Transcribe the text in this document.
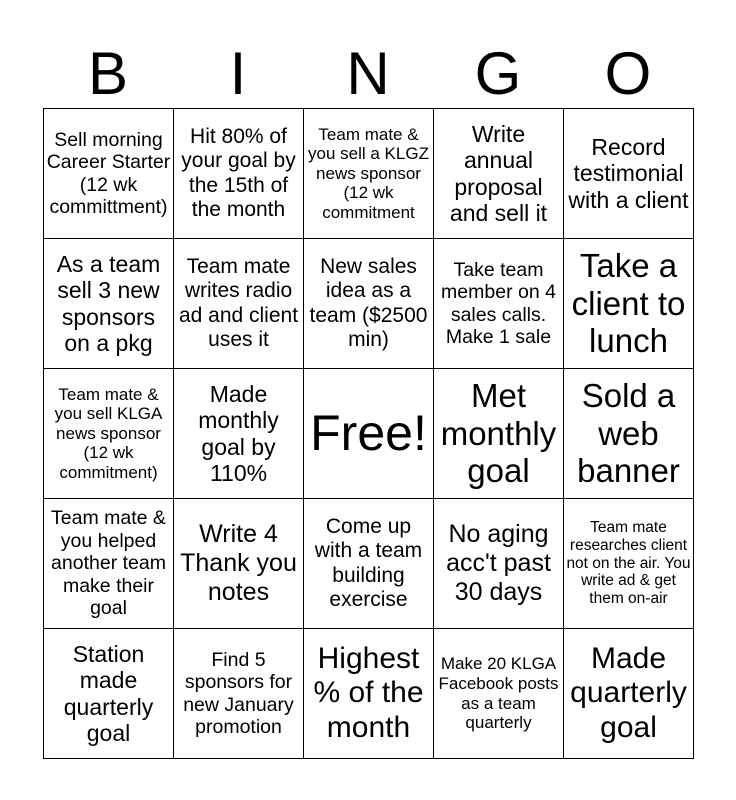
B	I	N	G	O
Sell morning Career Starter (12 wk committment)	Hit 80% of your goal by the 15th of the month	Team mate & you sell a KLGZ news sponsor (12 wk commitment	Write annual proposal and sell it	Record testimonial with a client

As a team sell 3 new sponsors on a pkg	Team mate writes radio ad and client uses it	New sales idea as a team ($2500 min)	Take team member on 4 sales calls. Make 1 sale	Take a client to lunch

Team mate & you sell KLGA news sponsor (12 wk commitment)	Made monthly goal by 110%	Free!	Met monthly goal	Sold a web banner

Team mate & you helped another team make their goal	Write 4 Thank you notes	Come up with a team building exercise	No aging acc't past 30 days	Team mate researches client not on the air. You write ad & get them on-air

Station made quarterly goal	Find 5 sponsors for new January promotion	Highest % of the month	Make 20 KLGA Facebook posts as a team quarterly	Made quarterly goal
